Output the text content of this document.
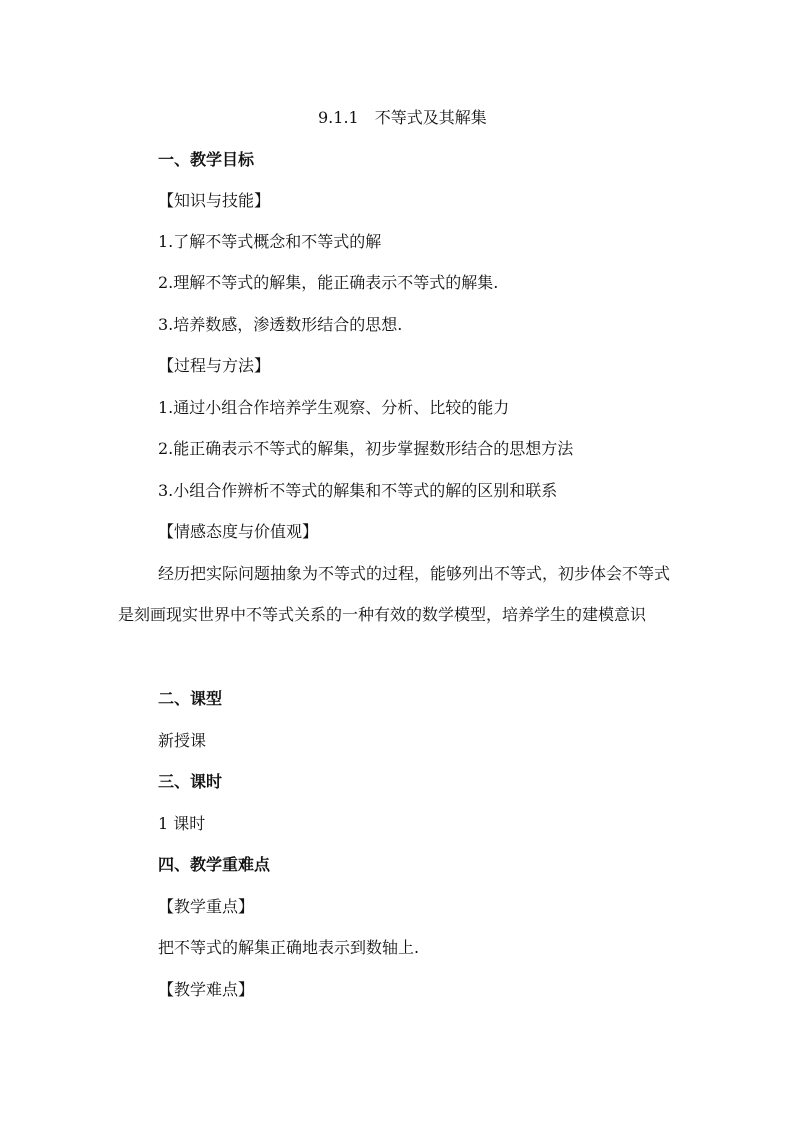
9.1.1　不等式及其解集
一、教学目标
【知识与技能】
1.了解不等式概念和不等式的解
2.理解不等式的解集，能正确表示不等式的解集.
3.培养数感，渗透数形结合的思想.
【过程与方法】
1.通过小组合作培养学生观察、分析、比较的能力
2.能正确表示不等式的解集，初步掌握数形结合的思想方法
3.小组合作辨析不等式的解集和不等式的解的区别和联系
【情感态度与价值观】
经历把实际问题抽象为不等式的过程，能够列出不等式，初步体会不等式是刻画现实世界中不等式关系的一种有效的数学模型，培养学生的建模意识
二、课型
新授课
三、课时
1 课时
四、教学重难点
【教学重点】
把不等式的解集正确地表示到数轴上.
【教学难点】
